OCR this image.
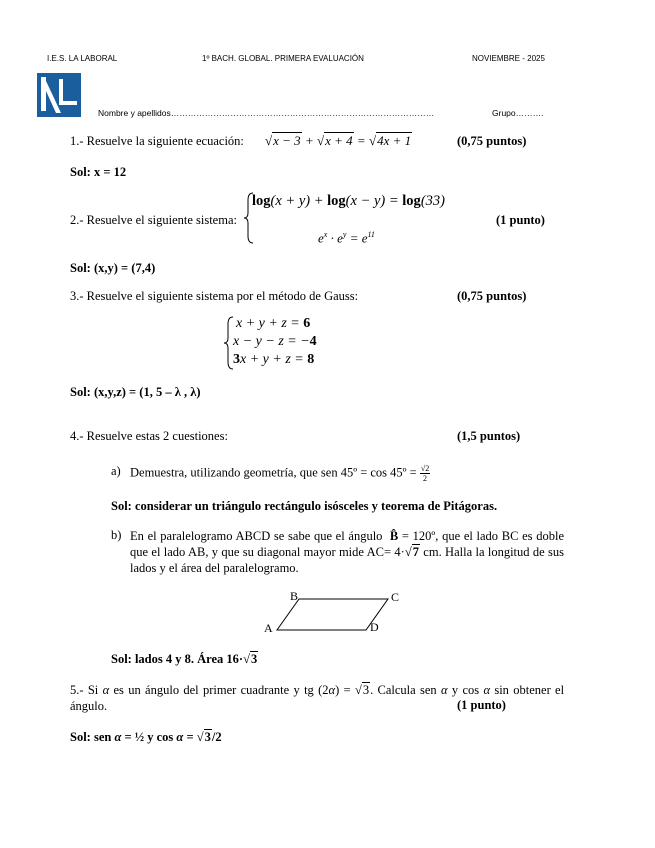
I.E.S. LA LABORAL	1º BACH. GLOBAL. PRIMERA EVALUACIÓN	NOVIEMBRE - 2025
Nombre y apellidos…………………………………………………………………………………	Grupo……….
1.- Resuelve la siguiente ecuación: √x − 3 + √x + 4 = √4x + 1	(0,75 puntos)
Sol: x = 12
2.- Resuelve el siguiente sistema:
log(x + y) + log(x − y) = log(33)
$e^x \cdot e^y = e^{11}$
(1 punto)
Sol: (x,y) = (7,4)
3.- Resuelve el siguiente sistema por el método de Gauss:	(0,75 puntos)
x + y + z = 6
x − y − z = −4
3x + y + z = 8
Sol: (x,y,z) = (1, 5 – λ , λ)
4.- Resuelve estas 2 cuestiones:	(1,5 puntos)
a) Demuestra, utilizando geometría, que sen 45º = cos 45º = $\frac{√2}{2}$
Sol: considerar un triángulo rectángulo isósceles y teorema de Pitágoras.
b) En el paralelogramo ABCD se sabe que el ángulo B̂ = 120º, que el lado BC es doble que el lado AB, y que su diagonal mayor mide AC= 4·√7 cm. Halla la longitud de sus lados y el área del paralelogramo.
B	C
A	D
Sol: lados 4 y 8. Área 16·√3
5.- Si α es un ángulo del primer cuadrante y tg (2α) = √3. Calcula sen α y cos α sin obtener el ángulo.	(1 punto)
Sol: sen α = ½ y cos α = √3/2
